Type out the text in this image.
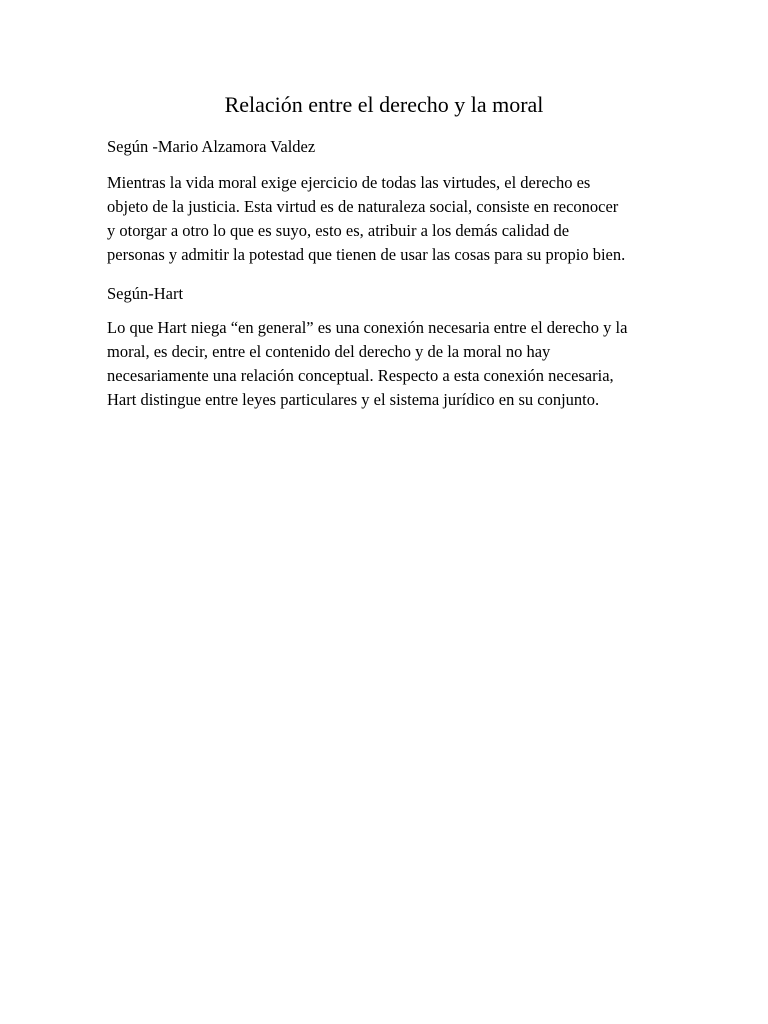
Relación entre el derecho y la moral
Según -Mario Alzamora Valdez

Mientras la vida moral exige ejercicio de todas las virtudes, el derecho es
objeto de la justicia. Esta virtud es de naturaleza social, consiste en reconocer
y otorgar a otro lo que es suyo, esto es, atribuir a los demás calidad de
personas y admitir la potestad que tienen de usar las cosas para su propio bien.

Según-Hart

Lo que Hart niega “en general” es una conexión necesaria entre el derecho y la
moral, es decir, entre el contenido del derecho y de la moral no hay
necesariamente una relación conceptual. Respecto a esta conexión necesaria,
Hart distingue entre leyes particulares y el sistema jurídico en su conjunto.
